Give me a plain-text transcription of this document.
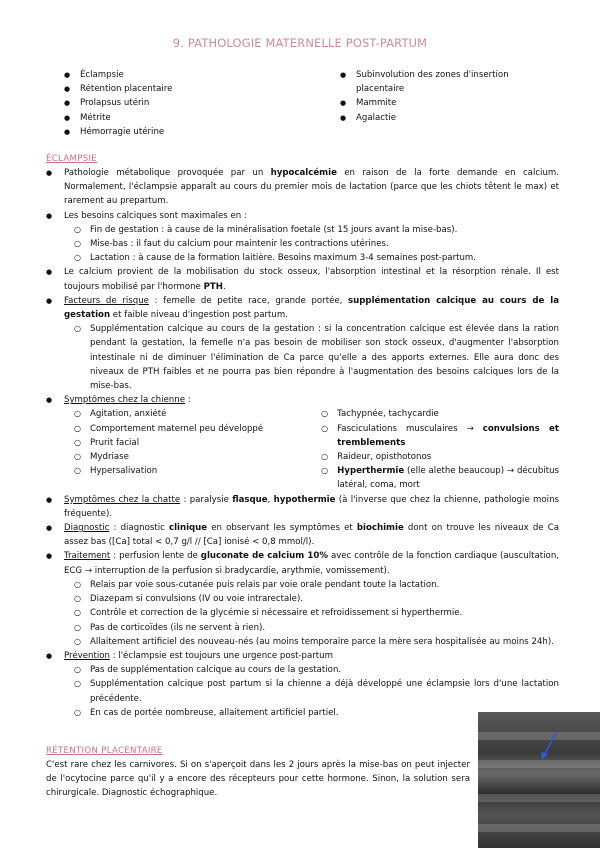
9. PATHOLOGIE MATERNELLE POST-PARTUM
● Éclampsie
● Rétention placentaire
● Prolapsus utérin
● Métrite
● Hémorragie utérine
● Subinvolution des zones d'insertion placentaire
● Mammite
● Agalactie
ÉCLAMPSIE
● Pathologie métabolique provoquée par un hypocalcémie en raison de la forte demande en calcium. Normalement, l'éclampsie apparaît au cours du premier mois de lactation (parce que les chiots têtent le max) et rarement au prepartum.
● Les besoins calciques sont maximales en :
○ Fin de gestation : à cause de la minéralisation foetale (st 15 jours avant la mise-bas).
○ Mise-bas : il faut du calcium pour maintenir les contractions utérines.
○ Lactation : à cause de la formation laitière. Besoins maximum 3-4 semaines post-partum.
● Le calcium provient de la mobilisation du stock osseux, l'absorption intestinal et la résorption rénale. Il est toujours mobilisé par l'hormone PTH.
● Facteurs de risque : femelle de petite race, grande portée, supplémentation calcique au cours de la gestation et faible niveau d'ingestion post partum.
○ Supplémentation calcique au cours de la gestation : si la concentration calcique est élevée dans la ration pendant la gestation, la femelle n'a pas besoin de mobiliser son stock osseux, d'augmenter l'absorption intestinale ni de diminuer l'élimination de Ca parce qu'elle a des apports externes. Elle aura donc des niveaux de PTH faibles et ne pourra pas bien répondre à l'augmentation des besoins calciques lors de la mise-bas.
● Symptômes chez la chienne :
○ Agitation, anxiété
○ Comportement maternel peu développé
○ Prurit facial
○ Mydriase
○ Hypersalivation
○ Tachypnée, tachycardie
○ Fasciculations musculaires → convulsions et tremblements
○ Raideur, opisthotonos
○ Hyperthermie (elle alethe beaucoup) → décubitus latéral, coma, mort
● Symptômes chez la chatte : paralysie flasque, hypothermie (à l'inverse que chez la chienne, pathologie moins fréquente).
● Diagnostic : diagnostic clinique en observant les symptômes et biochimie dont on trouve les niveaux de Ca assez bas ([Ca] total < 0,7 g/l // [Ca] ionisé < 0,8 mmol/l).
● Traitement : perfusion lente de gluconate de calcium 10% avec contrôle de la fonction cardiaque (auscultation, ECG → interruption de la perfusion si bradycardie, arythmie, vomissement).
○ Relais par voie sous-cutanée puis relais par voie orale pendant toute la lactation.
○ Diazepam si convulsions (IV ou voie intrarectale).
○ Contrôle et correction de la glycémie si nécessaire et refroidissement si hyperthermie.
○ Pas de corticoïdes (ils ne servent à rien).
○ Allaitement artificiel des nouveau-nés (au moins temporaire parce la mère sera hospitalisée au moins 24h).
● Prévention : l'éclampsie est toujours une urgence post-partum
○ Pas de supplémentation calcique au cours de la gestation.
○ Supplémentation calcique post partum si la chienne a déjà développé une éclampsie lors d'une lactation précédente.
○ En cas de portée nombreuse, allaitement artificiel partiel.
RÉTENTION PLACENTAIRE
C'est rare chez les carnivores. Si on s'aperçoit dans les 2 jours après la mise-bas on peut injecter de l'ocytocine parce qu'il y a encore des récepteurs pour cette hormone. Sinon, la solution sera chirurgicale. Diagnostic échographique.
